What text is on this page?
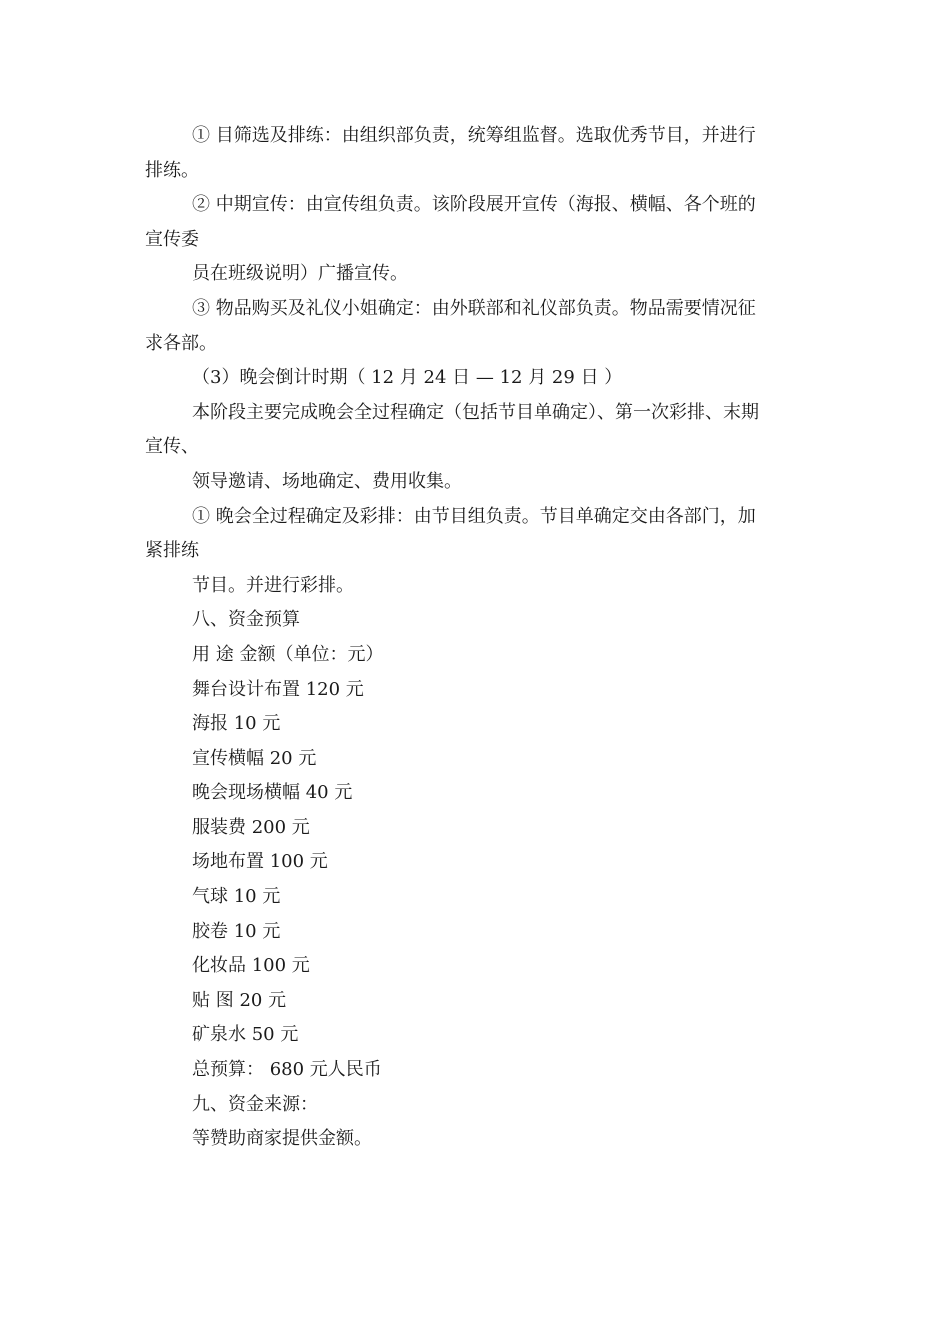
① 目筛选及排练：由组织部负责，统筹组监督。选取优秀节目，并进行
排练。
② 中期宣传：由宣传组负责。该阶段展开宣传（海报、横幅、各个班的
宣传委
员在班级说明）广播宣传。
③ 物品购买及礼仪小姐确定：由外联部和礼仪部负责。物品需要情况征
求各部。
（3）晚会倒计时期（ 12 月 24 日 — 12 月 29 日 ）
本阶段主要完成晚会全过程确定（包括节目单确定）、第一次彩排、末期
宣传、
领导邀请、场地确定、费用收集。
① 晚会全过程确定及彩排：由节目组负责。节目单确定交由各部门，加
紧排练
节目。并进行彩排。
八、资金预算
用 途 金额（单位：元）
舞台设计布置 120 元
海报 10 元
宣传横幅 20 元
晚会现场横幅 40 元
服装费 200 元
场地布置 100 元
气球 10 元
胶卷 10 元
化妆品 100 元
贴 图 20 元
矿泉水 50 元
总预算： 680 元人民币
九、资金来源：
等赞助商家提供金额。
